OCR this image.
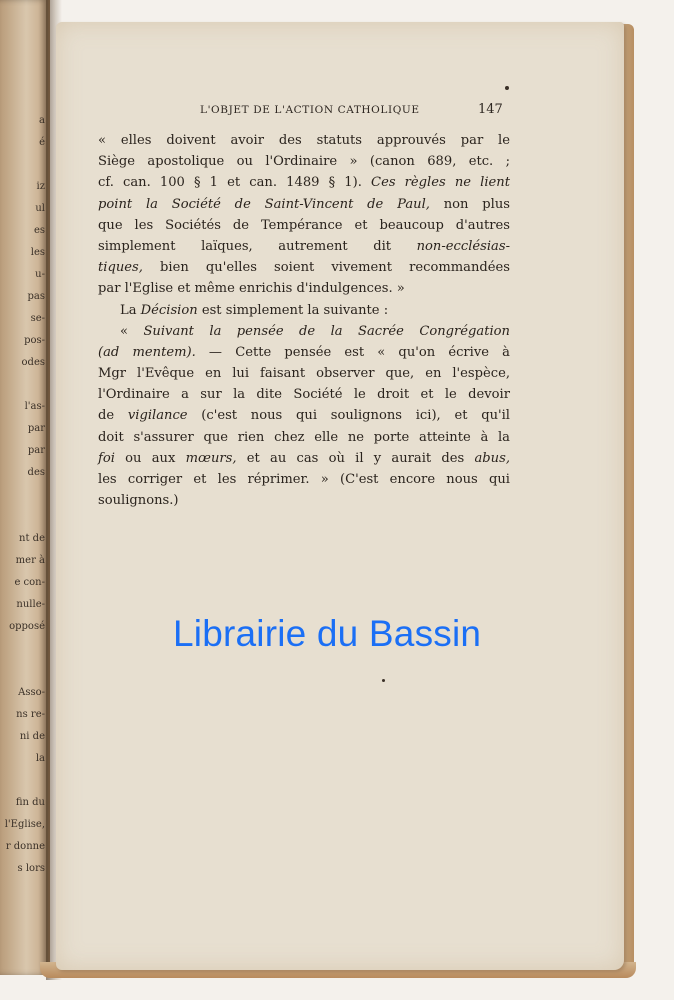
a
é

iz
ul
es
les
u-
pas
se-
pos-
odes

l'as-
par
par
des

nt de
mer à
e con-
nulle-
opposé

Asso-
ns re-
ni de
la

fin du
l'Eglise,
r donne
s lors
L'OBJET DE L'ACTION CATHOLIQUE	147
« elles doivent avoir des statuts approuvés par le
Siège apostolique ou l'Ordinaire » (canon 689, etc. ;
cf. can. 100 § 1 et can. 1489 § 1). Ces règles ne lient
point la Société de Saint-Vincent de Paul, non plus
que les Sociétés de Tempérance et beaucoup d'autres
simplement laïques, autrement dit non-ecclésias-
tiques, bien qu'elles soient vivement recommandées
par l'Eglise et même enrichis d'indulgences. »
La Décision est simplement la suivante :
« Suivant la pensée de la Sacrée Congrégation
(ad mentem). — Cette pensée est « qu'on écrive à
Mgr l'Evêque en lui faisant observer que, en l'espèce,
l'Ordinaire a sur la dite Société le droit et le devoir
de vigilance (c'est nous qui soulignons ici), et qu'il
doit s'assurer que rien chez elle ne porte atteinte à la
foi ou aux mœurs, et au cas où il y aurait des abus,
les corriger et les réprimer. » (C'est encore nous qui
soulignons.)
Librairie du Bassin
